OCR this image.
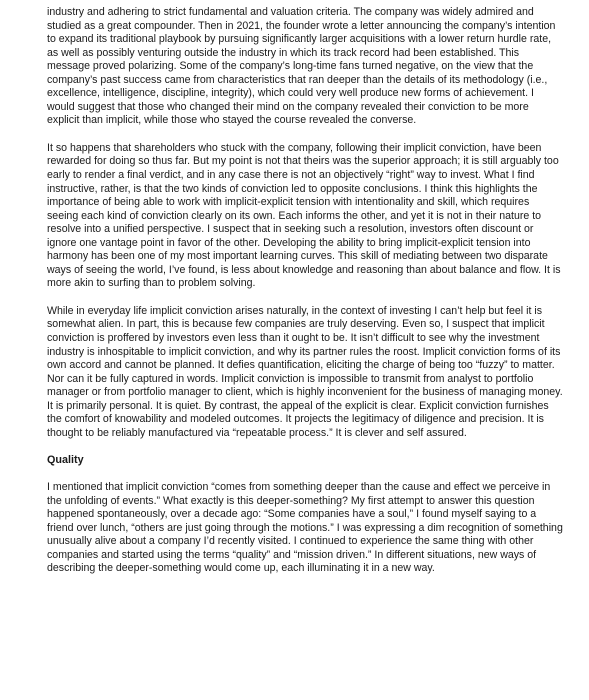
industry and adhering to strict fundamental and valuation criteria. The company was widely admired and studied as a great compounder. Then in 2021, the founder wrote a letter announcing the company’s intention to expand its traditional playbook by pursuing significantly larger acquisitions with a lower return hurdle rate, as well as possibly venturing outside the industry in which its track record had been established. This message proved polarizing. Some of the company’s long-time fans turned negative, on the view that the company’s past success came from characteristics that ran deeper than the details of its methodology (i.e., excellence, intelligence, discipline, integrity), which could very well produce new forms of achievement. I would suggest that those who changed their mind on the company revealed their conviction to be more explicit than implicit, while those who stayed the course revealed the converse.

It so happens that shareholders who stuck with the company, following their implicit conviction, have been rewarded for doing so thus far. But my point is not that theirs was the superior approach; it is still arguably too early to render a final verdict, and in any case there is not an objectively “right” way to invest. What I find instructive, rather, is that the two kinds of conviction led to opposite conclusions. I think this highlights the importance of being able to work with implicit-explicit tension with intentionality and skill, which requires seeing each kind of conviction clearly on its own. Each informs the other, and yet it is not in their nature to resolve into a unified perspective. I suspect that in seeking such a resolution, investors often discount or ignore one vantage point in favor of the other. Developing the ability to bring implicit-explicit tension into harmony has been one of my most important learning curves. This skill of mediating between two disparate ways of seeing the world, I’ve found, is less about knowledge and reasoning than about balance and flow. It is more akin to surfing than to problem solving.

While in everyday life implicit conviction arises naturally, in the context of investing I can’t help but feel it is somewhat alien. In part, this is because few companies are truly deserving. Even so, I suspect that implicit conviction is proffered by investors even less than it ought to be. It isn’t difficult to see why the investment industry is inhospitable to implicit conviction, and why its partner rules the roost. Implicit conviction forms of its own accord and cannot be planned. It defies quantification, eliciting the charge of being too “fuzzy” to matter. Nor can it be fully captured in words. Implicit conviction is impossible to transmit from analyst to portfolio manager or from portfolio manager to client, which is highly inconvenient for the business of managing money. It is primarily personal. It is quiet. By contrast, the appeal of the explicit is clear. Explicit conviction furnishes the comfort of knowability and modeled outcomes. It projects the legitimacy of diligence and precision. It is thought to be reliably manufactured via “repeatable process.” It is clever and self assured.

Quality

I mentioned that implicit conviction “comes from something deeper than the cause and effect we perceive in the unfolding of events.” What exactly is this deeper-something? My first attempt to answer this question happened spontaneously, over a decade ago: “Some companies have a soul,” I found myself saying to a friend over lunch, “others are just going through the motions.” I was expressing a dim recognition of something unusually alive about a company I’d recently visited. I continued to experience the same thing with other companies and started using the terms “quality” and “mission driven.” In different situations, new ways of describing the deeper-something would come up, each illuminating it in a new way.
